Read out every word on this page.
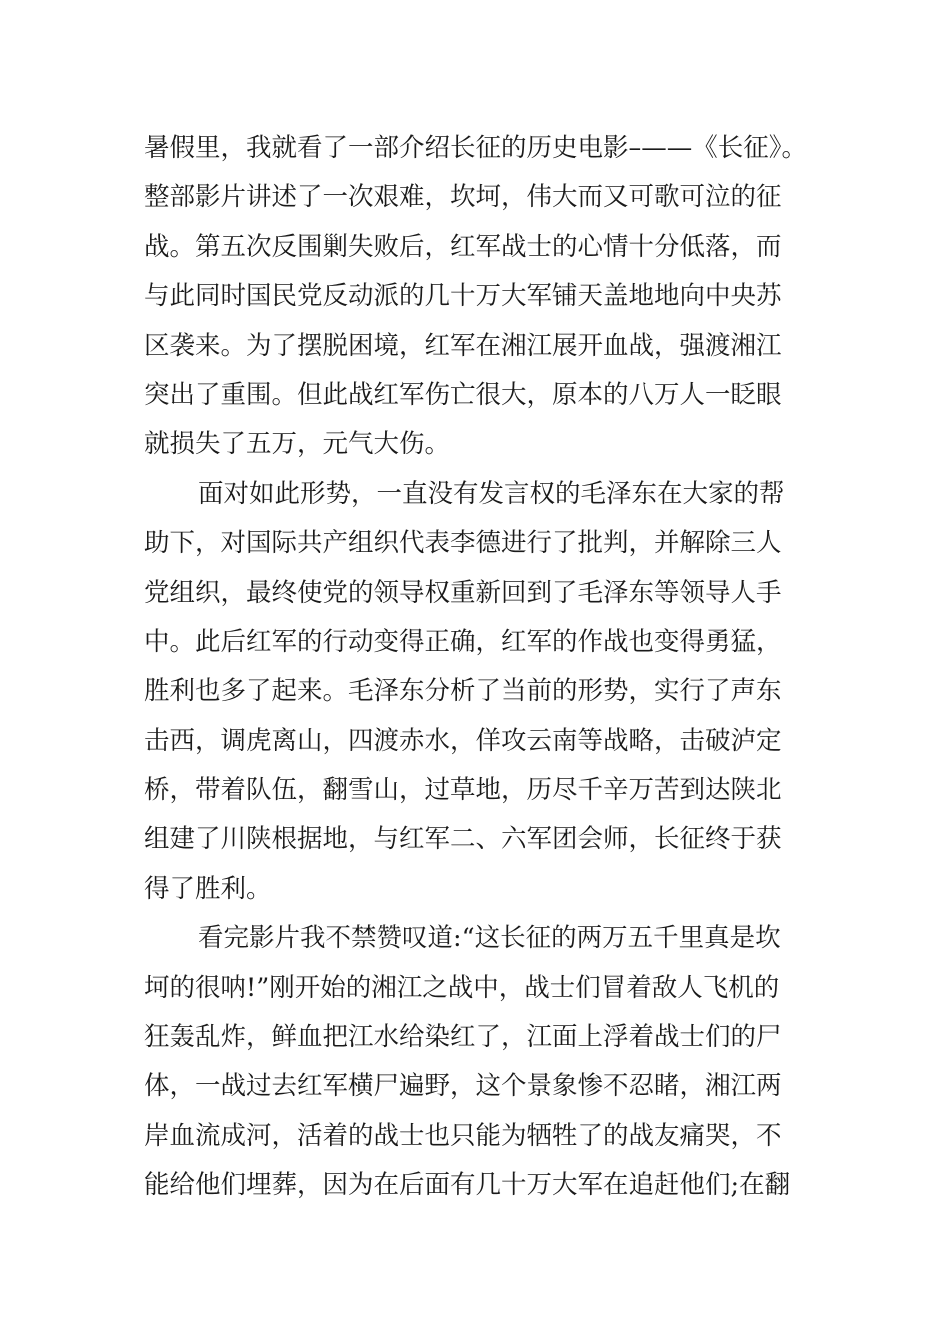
暑假里，我就看了一部介绍长征的历史电影–——《长征》。
整部影片讲述了一次艰难，坎坷，伟大而又可歌可泣的征
战。第五次反围剿失败后，红军战士的心情十分低落，而
与此同时国民党反动派的几十万大军铺天盖地地向中央苏
区袭来。为了摆脱困境，红军在湘江展开血战，强渡湘江
突出了重围。但此战红军伤亡很大，原本的八万人一眨眼
就损失了五万，元气大伤。
面对如此形势，一直没有发言权的毛泽东在大家的帮
助下，对国际共产组织代表李德进行了批判，并解除三人
党组织，最终使党的领导权重新回到了毛泽东等领导人手
中。此后红军的行动变得正确，红军的作战也变得勇猛，
胜利也多了起来。毛泽东分析了当前的形势，实行了声东
击西，调虎离山，四渡赤水，佯攻云南等战略，击破泸定
桥，带着队伍，翻雪山，过草地，历尽千辛万苦到达陕北
组建了川陕根据地，与红军二、六军团会师，长征终于获
得了胜利。
看完影片我不禁赞叹道:“这长征的两万五千里真是坎
坷的很呐!”刚开始的湘江之战中，战士们冒着敌人飞机的
狂轰乱炸，鲜血把江水给染红了，江面上浮着战士们的尸
体，一战过去红军横尸遍野，这个景象惨不忍睹，湘江两
岸血流成河，活着的战士也只能为牺牲了的战友痛哭，不
能给他们埋葬，因为在后面有几十万大军在追赶他们;在翻
